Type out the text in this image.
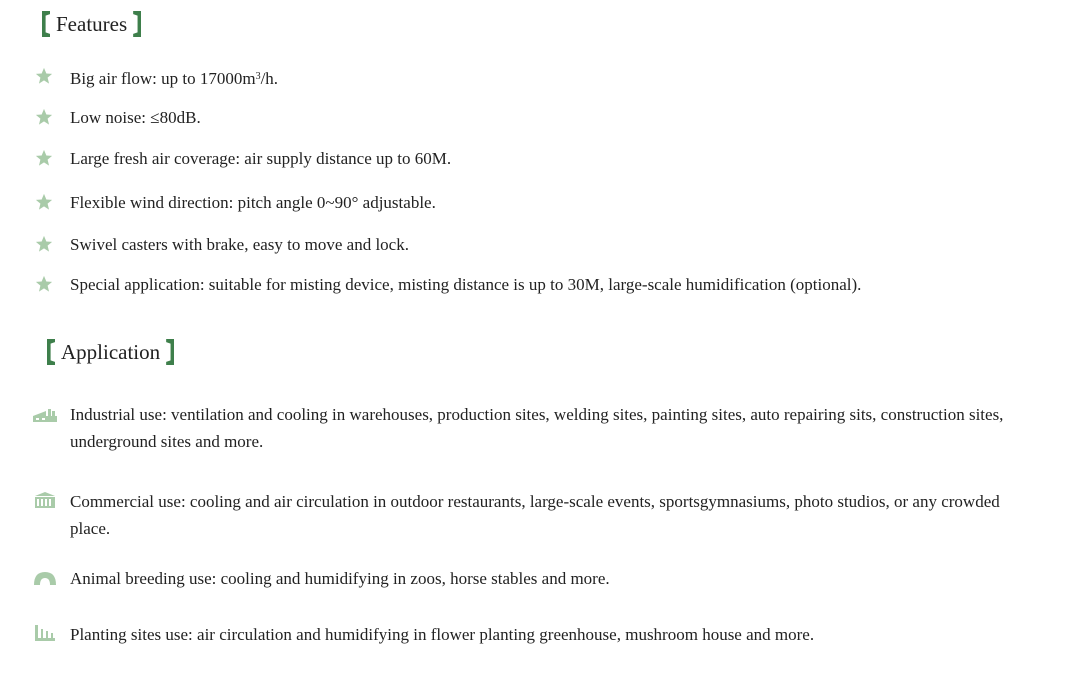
Features
Big air flow: up to $17000m^3/h$.
Low noise: ≤80dB.
Large fresh air coverage: air supply distance up to 60M.
Flexible wind direction: pitch angle 0~90° adjustable.
Swivel casters with brake, easy to move and lock.
Special application: suitable for misting device, misting distance is up to 30M, large-scale humidification (optional).
Application
Industrial use: ventilation and cooling in warehouses, production sites, welding sites, painting sites, auto repairing sits, construction sites, underground sites and more.
Commercial use: cooling and air circulation in outdoor restaurants, large-scale events, sportsgymnasiums, photo studios, or any crowded place.
Animal breeding use: cooling and humidifying in zoos, horse stables and more.
Planting sites use: air circulation and humidifying in flower planting greenhouse, mushroom house and more.
